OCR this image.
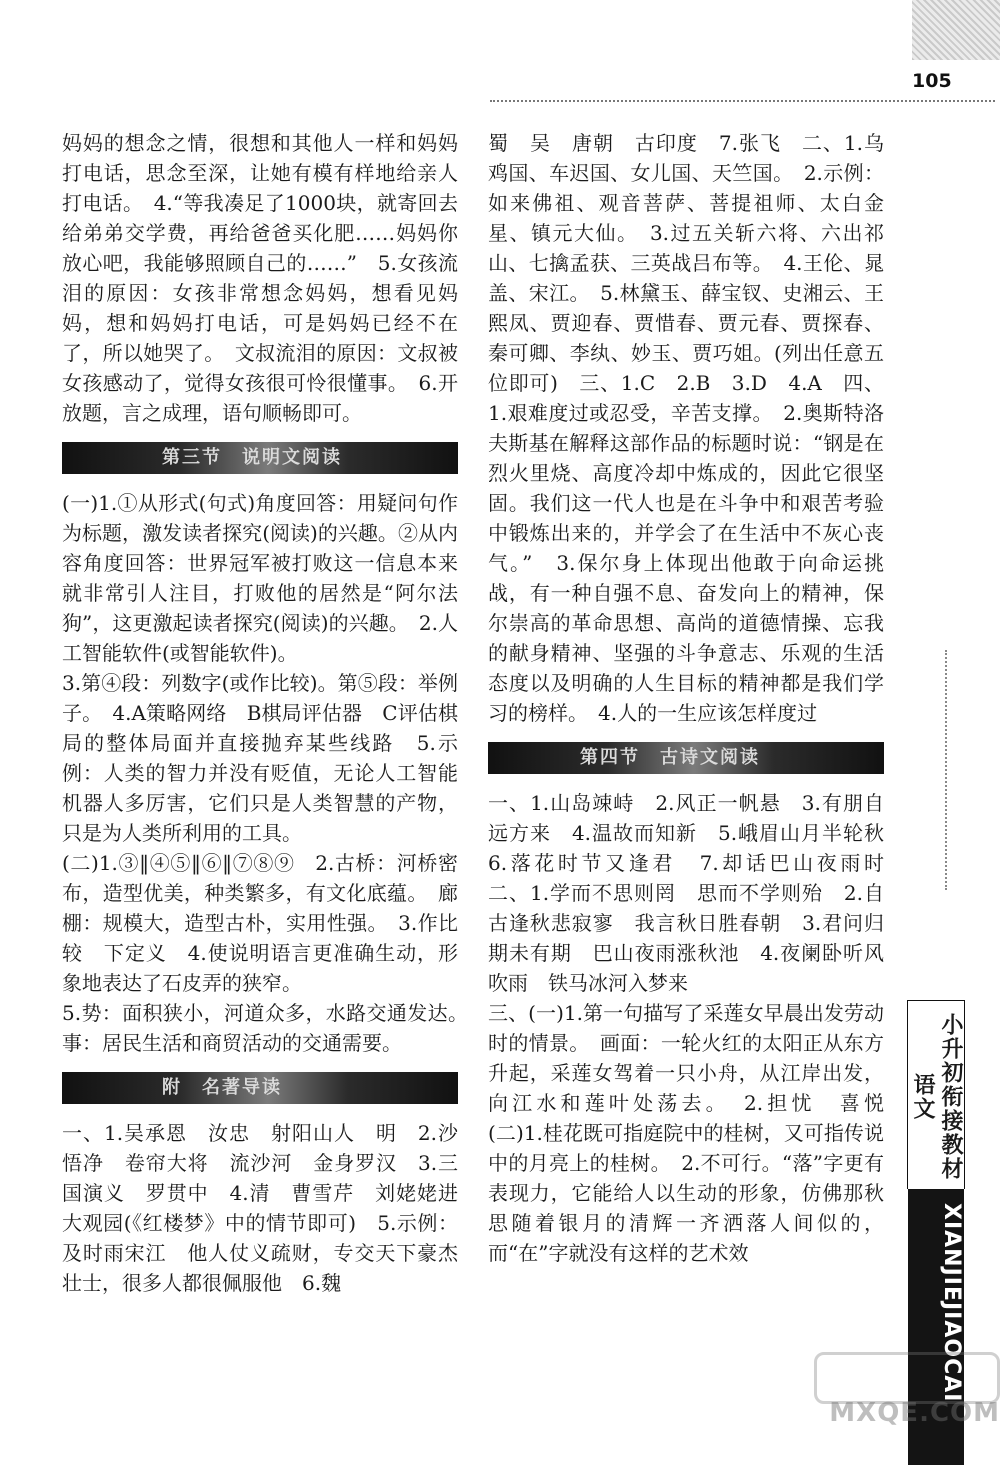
105

妈妈的想念之情，很想和其他人一样和妈妈打电话，思念至深，让她有模有样地给亲人打电话。　4.“等我凑足了1000块，就寄回去给弟弟交学费，再给爸爸买化肥……妈妈你放心吧，我能够照顾自己的……”　5.女孩流泪的原因：女孩非常想念妈妈，想看见妈妈，想和妈妈打电话，可是妈妈已经不在了，所以她哭了。　文叔流泪的原因：文叔被女孩感动了，觉得女孩很可怜很懂事。　6.开放题，言之成理，语句顺畅即可。

第三节　说明文阅读

(一)1.①从形式(句式)角度回答：用疑问句作为标题，激发读者探究(阅读)的兴趣。②从内容角度回答：世界冠军被打败这一信息本来就非常引人注目，打败他的居然是“阿尔法狗”，这更激起读者探究(阅读)的兴趣。　2.人工智能软件(或智能软件)。

3.第④段：列数字(或作比较)。第⑤段：举例子。　4.A策略网络　B棋局评估器　C评估棋局的整体局面并直接抛弃某些线路　5.示例：人类的智力并没有贬值，无论人工智能机器人多厉害，它们只是人类智慧的产物，只是为人类所利用的工具。

(二)1.③‖④⑤‖⑥‖⑦⑧⑨　2.古桥：河桥密布，造型优美，种类繁多，有文化底蕴。　廊棚：规模大，造型古朴，实用性强。　3.作比较　下定义　4.使说明语言更准确生动，形象地表达了石皮弄的狭窄。

5.势：面积狭小，河道众多，水路交通发达。　事：居民生活和商贸活动的交通需要。

附　名著导读

一、1.吴承恩　汝忠　射阳山人　明　2.沙悟净　卷帘大将　流沙河　金身罗汉　3.三国演义　罗贯中　4.清　曹雪芹　刘姥姥进大观园(《红楼梦》中的情节即可)　5.示例：及时雨宋江　他人仗义疏财，专交天下豪杰壮士，很多人都很佩服他　6.魏

蜀　吴　唐朝　古印度　7.张飞　二、1.乌鸡国、车迟国、女儿国、天竺国。　2.示例：如来佛祖、观音菩萨、菩提祖师、太白金星、镇元大仙。　3.过五关斩六将、六出祁山、七擒孟获、三英战吕布等。　4.王伦、晁盖、宋江。　5.林黛玉、薛宝钗、史湘云、王熙凤、贾迎春、贾惜春、贾元春、贾探春、秦可卿、李纨、妙玉、贾巧姐。(列出任意五位即可)　三、1.C　2.B　3.D　4.A　四、1.艰难度过或忍受，辛苦支撑。　2.奥斯特洛夫斯基在解释这部作品的标题时说：“钢是在烈火里烧、高度冷却中炼成的，因此它很坚固。我们这一代人也是在斗争中和艰苦考验中锻炼出来的，并学会了在生活中不灰心丧气。”　3.保尔身上体现出他敢于向命运挑战，有一种自强不息、奋发向上的精神，保尔崇高的革命思想、高尚的道德情操、忘我的献身精神、坚强的斗争意志、乐观的生活态度以及明确的人生目标的精神都是我们学习的榜样。　4.人的一生应该怎样度过

第四节　古诗文阅读

一、1.山岛竦峙　2.风正一帆悬　3.有朋自远方来　4.温故而知新　5.峨眉山月半轮秋　6.落花时节又逢君　7.却话巴山夜雨时　二、1.学而不思则罔　思而不学则殆　2.自古逢秋悲寂寥　我言秋日胜春朝　3.君问归期未有期　巴山夜雨涨秋池　4.夜阑卧听风吹雨　铁马冰河入梦来

三、(一)1.第一句描写了采莲女早晨出发劳动时的情景。　画面：一轮火红的太阳正从东方升起，采莲女驾着一只小舟，从江岸出发，向江水和莲叶处荡去。　2.担忧　喜悦　(二)1.桂花既可指庭院中的桂树，又可指传说中的月亮上的桂树。　2.不可行。“落”字更有表现力，它能给人以生动的形象，仿佛那秋思随着银月的清辉一齐洒落人间似的，而“在”字就没有这样的艺术效

小升初衔接教材 语文
XIANJIEJIAOCAI
MXQE.COM
